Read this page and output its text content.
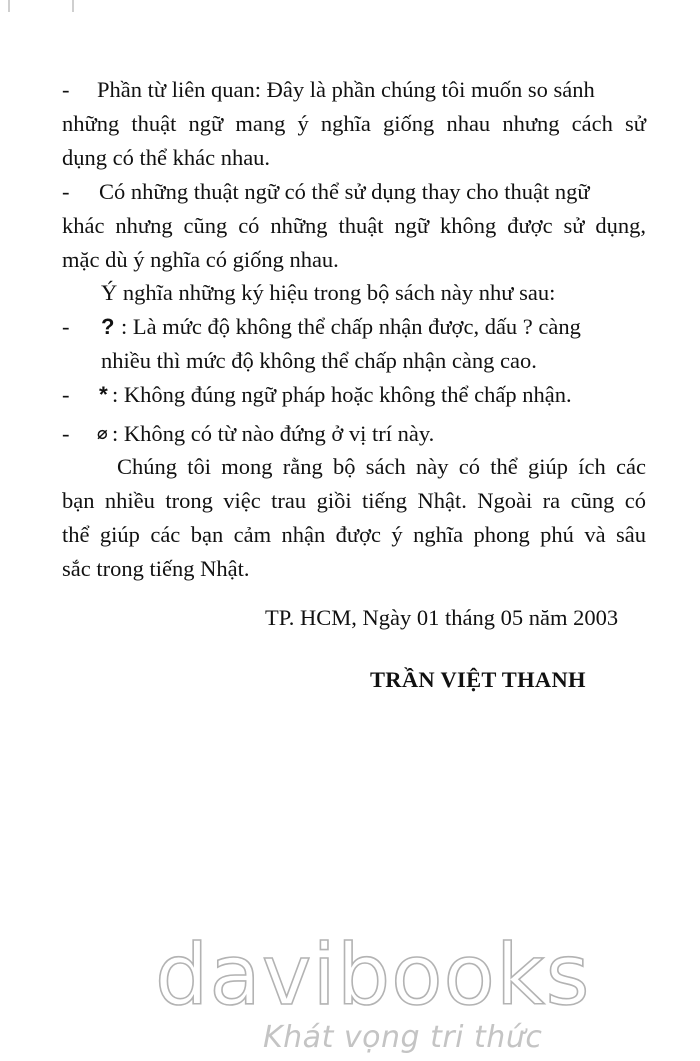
-	Phần từ liên quan: Đây là phần chúng tôi muốn so sánh
những thuật ngữ mang ý nghĩa giống nhau nhưng cách sử
dụng có thể khác nhau.
-	Có những thuật ngữ có thể sử dụng thay cho thuật ngữ
khác nhưng cũng có những thuật ngữ không được sử dụng,
mặc dù ý nghĩa có giống nhau.
Ý nghĩa những ký hiệu trong bộ sách này như sau:
-	? : Là mức độ không thể chấp nhận được, dấu ? càng
nhiều thì mức độ không thể chấp nhận càng cao.
-	* : Không đúng ngữ pháp hoặc không thể chấp nhận.
-	⌀ : Không có từ nào đứng ở vị trí này.
Chúng tôi mong rằng bộ sách này có thể giúp ích các
bạn nhiều trong việc trau giồi tiếng Nhật. Ngoài ra cũng có
thể giúp các bạn cảm nhận được ý nghĩa phong phú và sâu
sắc trong tiếng Nhật.
TP. HCM, Ngày 01 tháng 05 năm 2003
TRẦN VIỆT THANH
davibooks
Khát vọng tri thức
